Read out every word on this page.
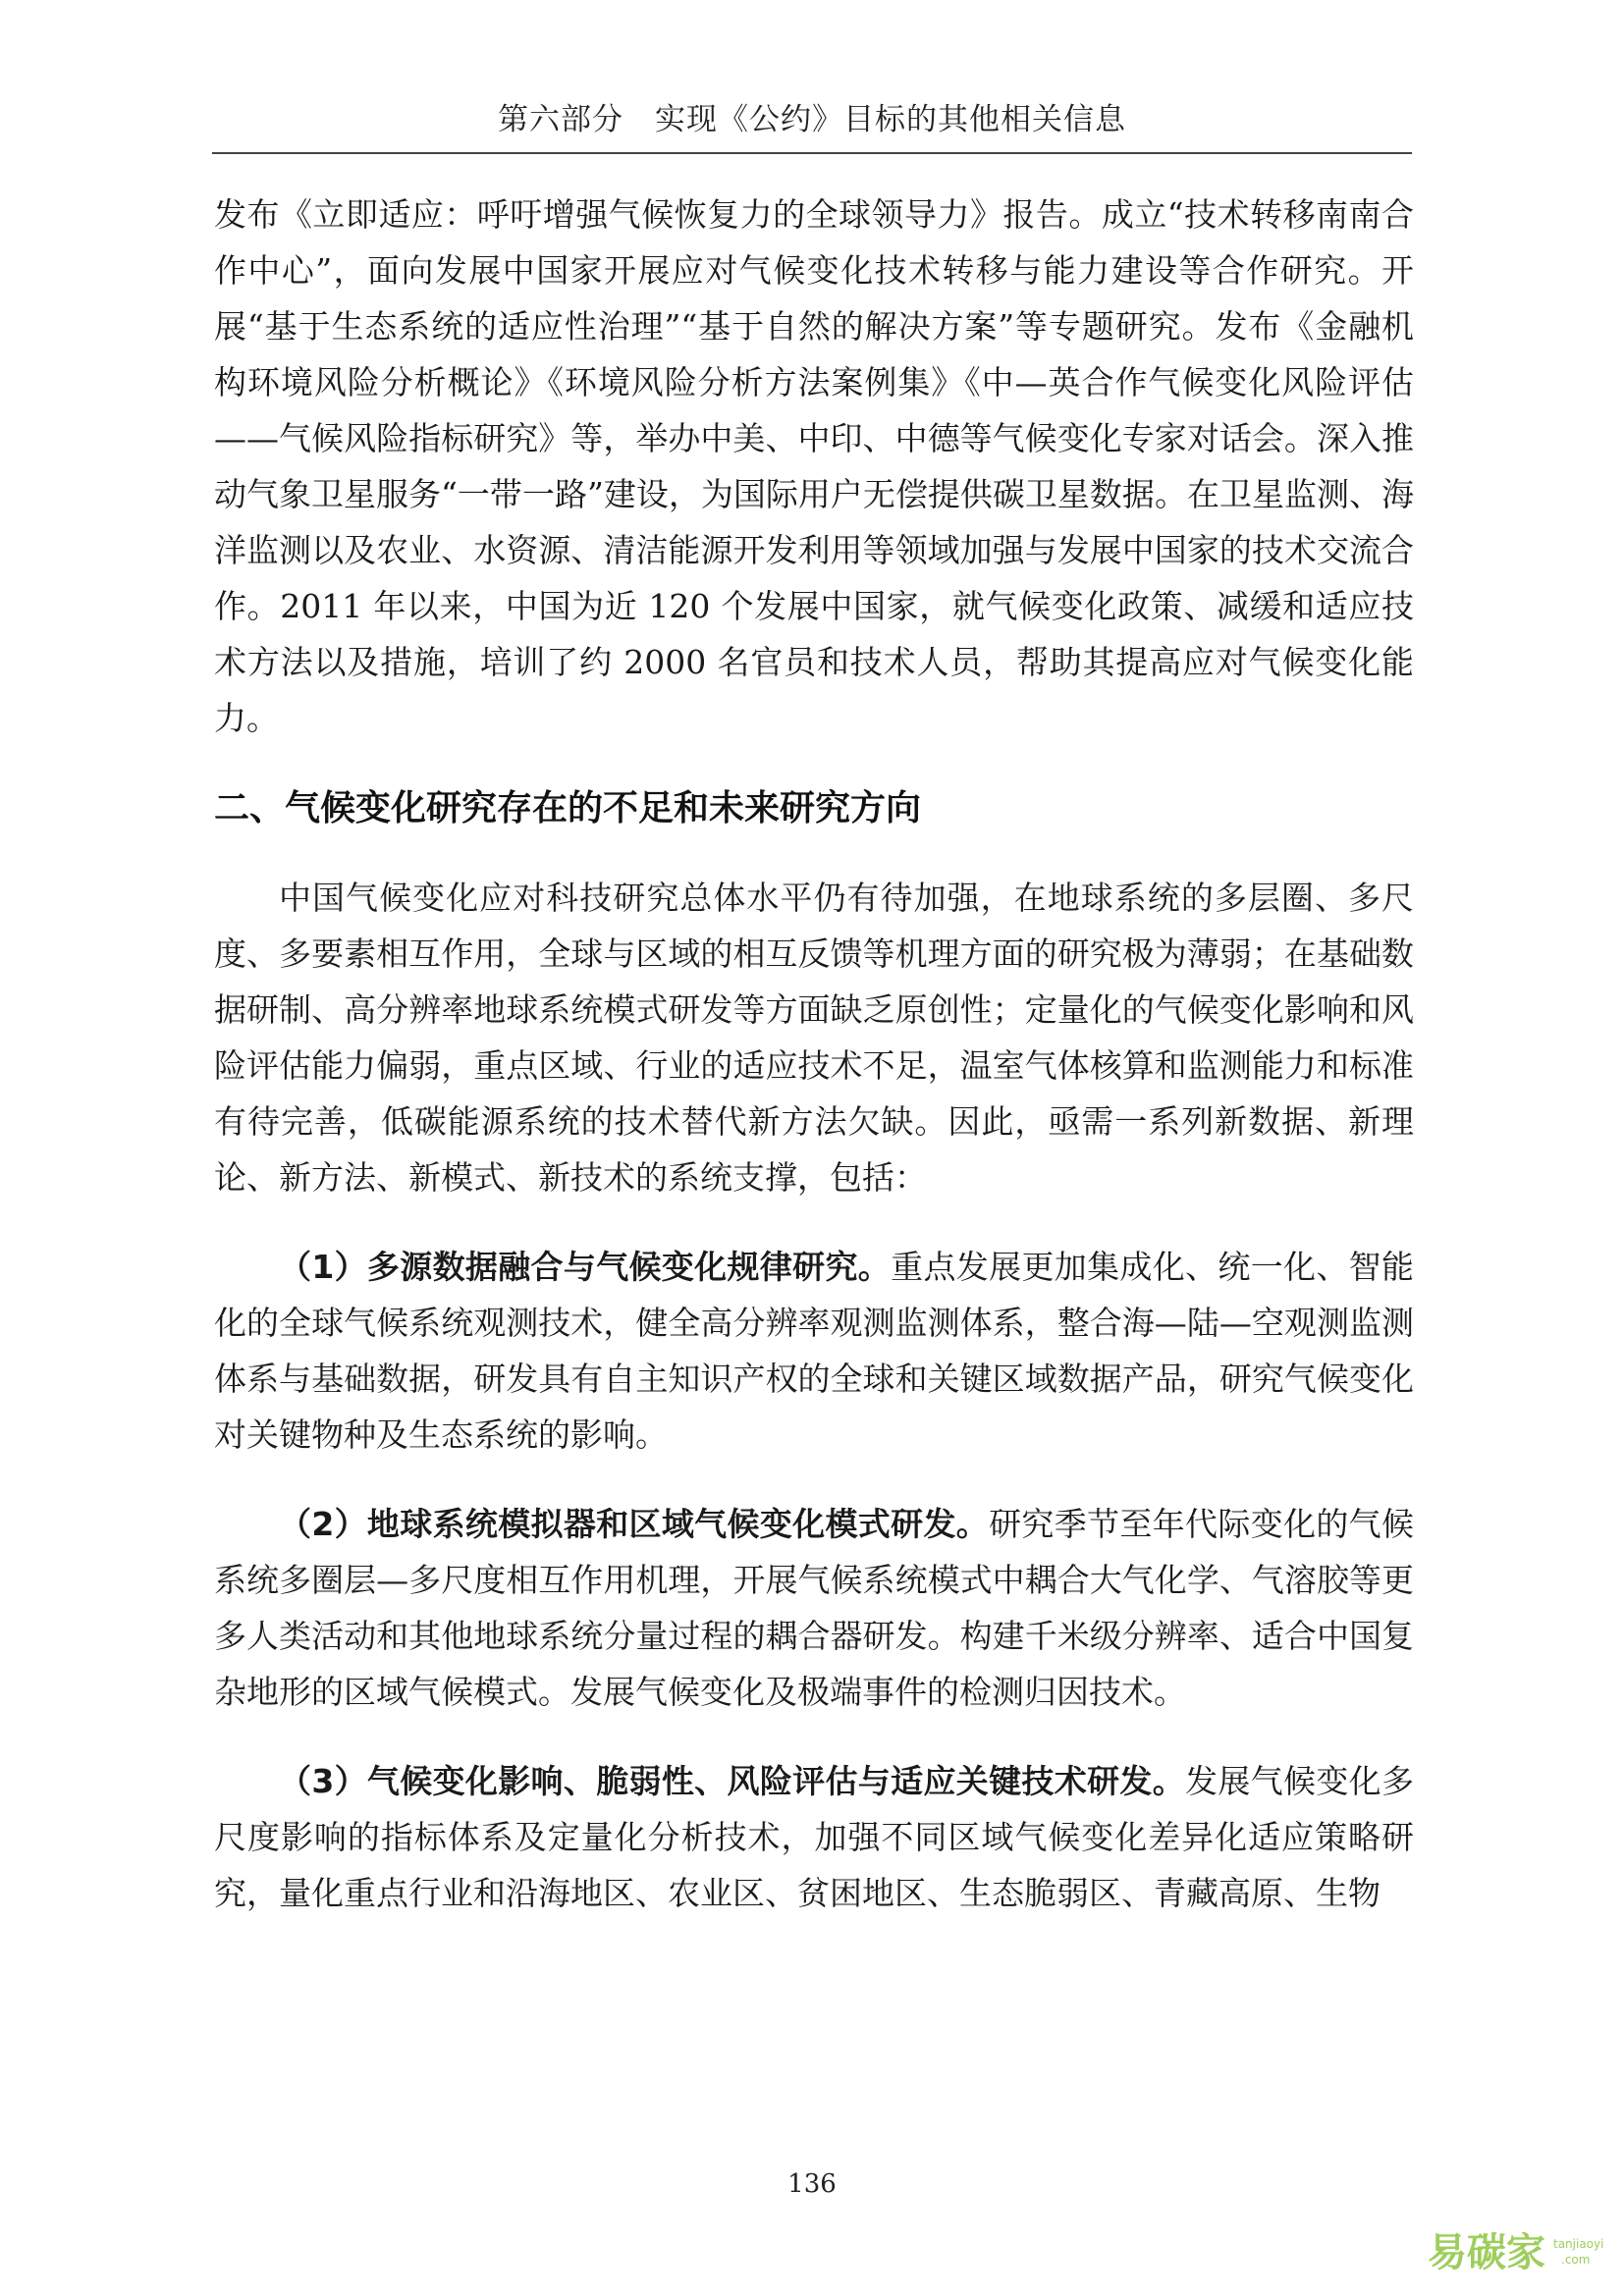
第六部分　实现《公约》目标的其他相关信息

发布《立即适应：呼吁增强气候恢复力的全球领导力》报告。成立“技术转移南南合作中心”，面向发展中国家开展应对气候变化技术转移与能力建设等合作研究。开展“基于生态系统的适应性治理”“基于自然的解决方案”等专题研究。发布《金融机构环境风险分析概论》《环境风险分析方法案例集》《中—英合作气候变化风险评估——气候风险指标研究》等，举办中美、中印、中德等气候变化专家对话会。深入推动气象卫星服务“一带一路”建设，为国际用户无偿提供碳卫星数据。在卫星监测、海洋监测以及农业、水资源、清洁能源开发利用等领域加强与发展中国家的技术交流合作。2011 年以来，中国为近 120 个发展中国家，就气候变化政策、减缓和适应技术方法以及措施，培训了约 2000 名官员和技术人员，帮助其提高应对气候变化能力。

二、气候变化研究存在的不足和未来研究方向

中国气候变化应对科技研究总体水平仍有待加强，在地球系统的多层圈、多尺度、多要素相互作用，全球与区域的相互反馈等机理方面的研究极为薄弱；在基础数据研制、高分辨率地球系统模式研发等方面缺乏原创性；定量化的气候变化影响和风险评估能力偏弱，重点区域、行业的适应技术不足，温室气体核算和监测能力和标准有待完善，低碳能源系统的技术替代新方法欠缺。因此，亟需一系列新数据、新理论、新方法、新模式、新技术的系统支撑，包括：

（1）多源数据融合与气候变化规律研究。重点发展更加集成化、统一化、智能化的全球气候系统观测技术，健全高分辨率观测监测体系，整合海—陆—空观测监测体系与基础数据，研发具有自主知识产权的全球和关键区域数据产品，研究气候变化对关键物种及生态系统的影响。

（2）地球系统模拟器和区域气候变化模式研发。研究季节至年代际变化的气候系统多圈层—多尺度相互作用机理，开展气候系统模式中耦合大气化学、气溶胶等更多人类活动和其他地球系统分量过程的耦合器研发。构建千米级分辨率、适合中国复杂地形的区域气候模式。发展气候变化及极端事件的检测归因技术。

（3）气候变化影响、脆弱性、风险评估与适应关键技术研发。发展气候变化多尺度影响的指标体系及定量化分析技术，加强不同区域气候变化差异化适应策略研究，量化重点行业和沿海地区、农业区、贫困地区、生态脆弱区、青藏高原、生物

136
易碳家 tanjiaoyi
.com
